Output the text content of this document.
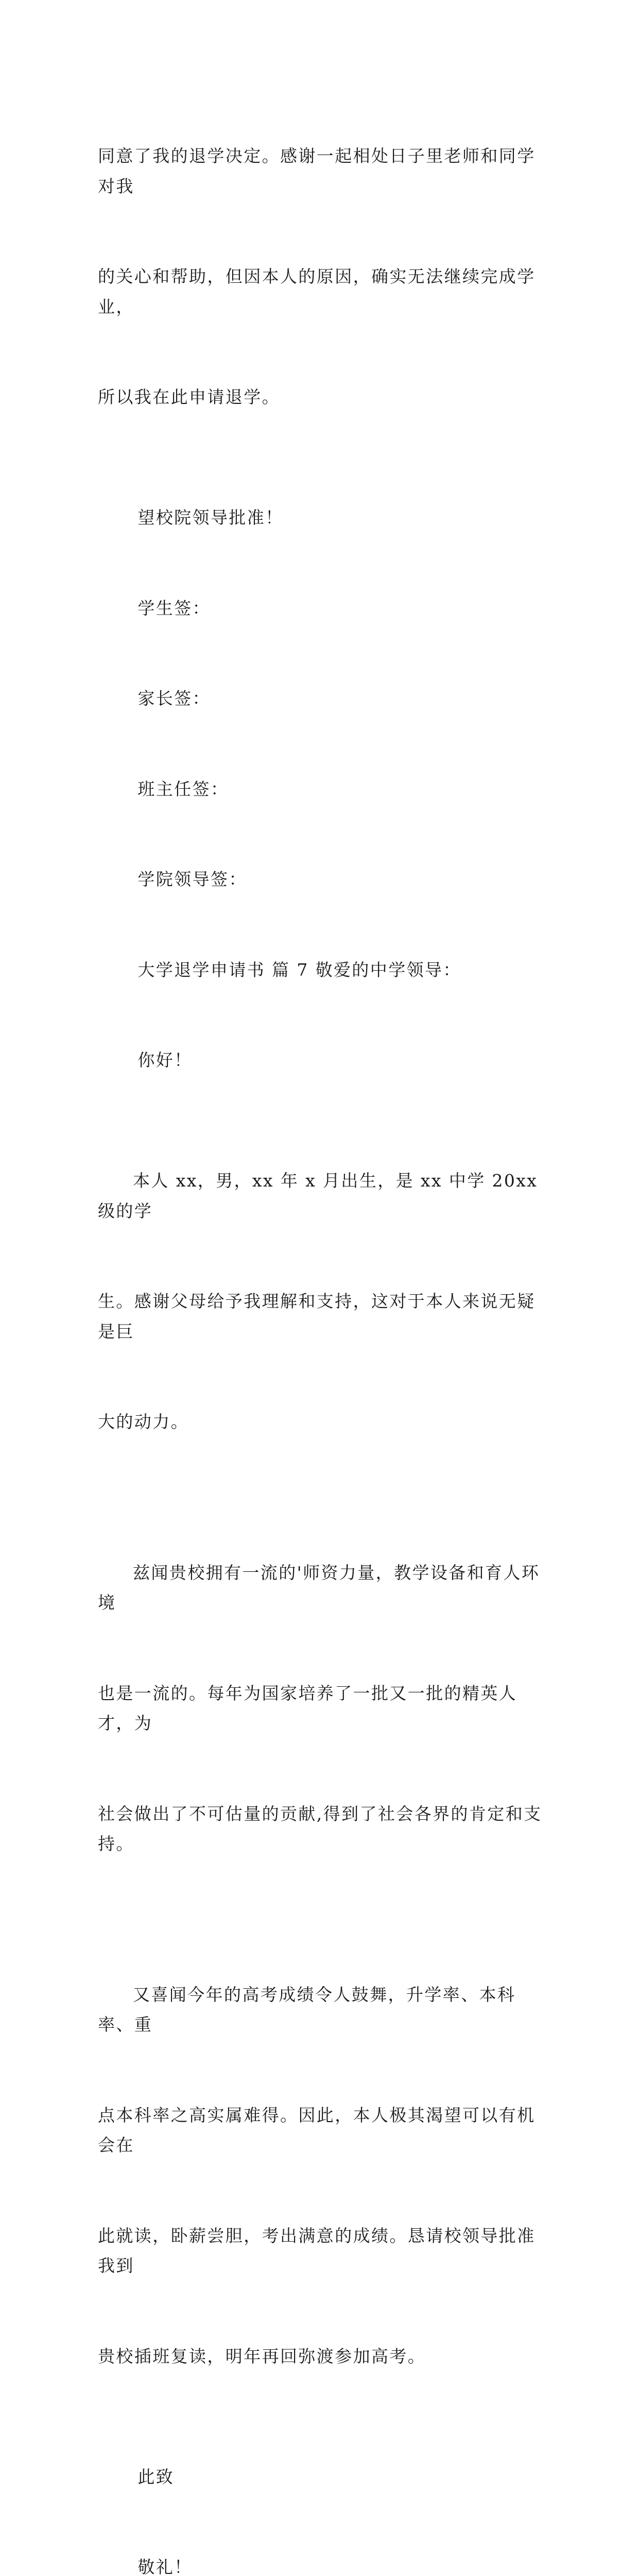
同意了我的退学决定。感谢一起相处日子里老师和同学对我

的关心和帮助，但因本人的原因，确实无法继续完成学业，

所以我在此申请退学。

望校院领导批准！

学生签：

家长签：

班主任签：

学院领导签：

大学退学申请书 篇 7 敬爱的中学领导：

你好！

本人 xx，男，xx 年 x 月出生，是 xx 中学 20xx 级的学

生。感谢父母给予我理解和支持，这对于本人来说无疑是巨

大的动力。

兹闻贵校拥有一流的'师资力量，教学设备和育人环境

也是一流的。每年为国家培养了一批又一批的精英人才，为

社会做出了不可估量的贡献,得到了社会各界的肯定和支持。

又喜闻今年的高考成绩令人鼓舞，升学率、本科率、重

点本科率之高实属难得。因此，本人极其渴望可以有机会在

此就读，卧薪尝胆，考出满意的成绩。恳请校领导批准我到

贵校插班复读，明年再回弥渡参加高考。

此致

敬礼！
